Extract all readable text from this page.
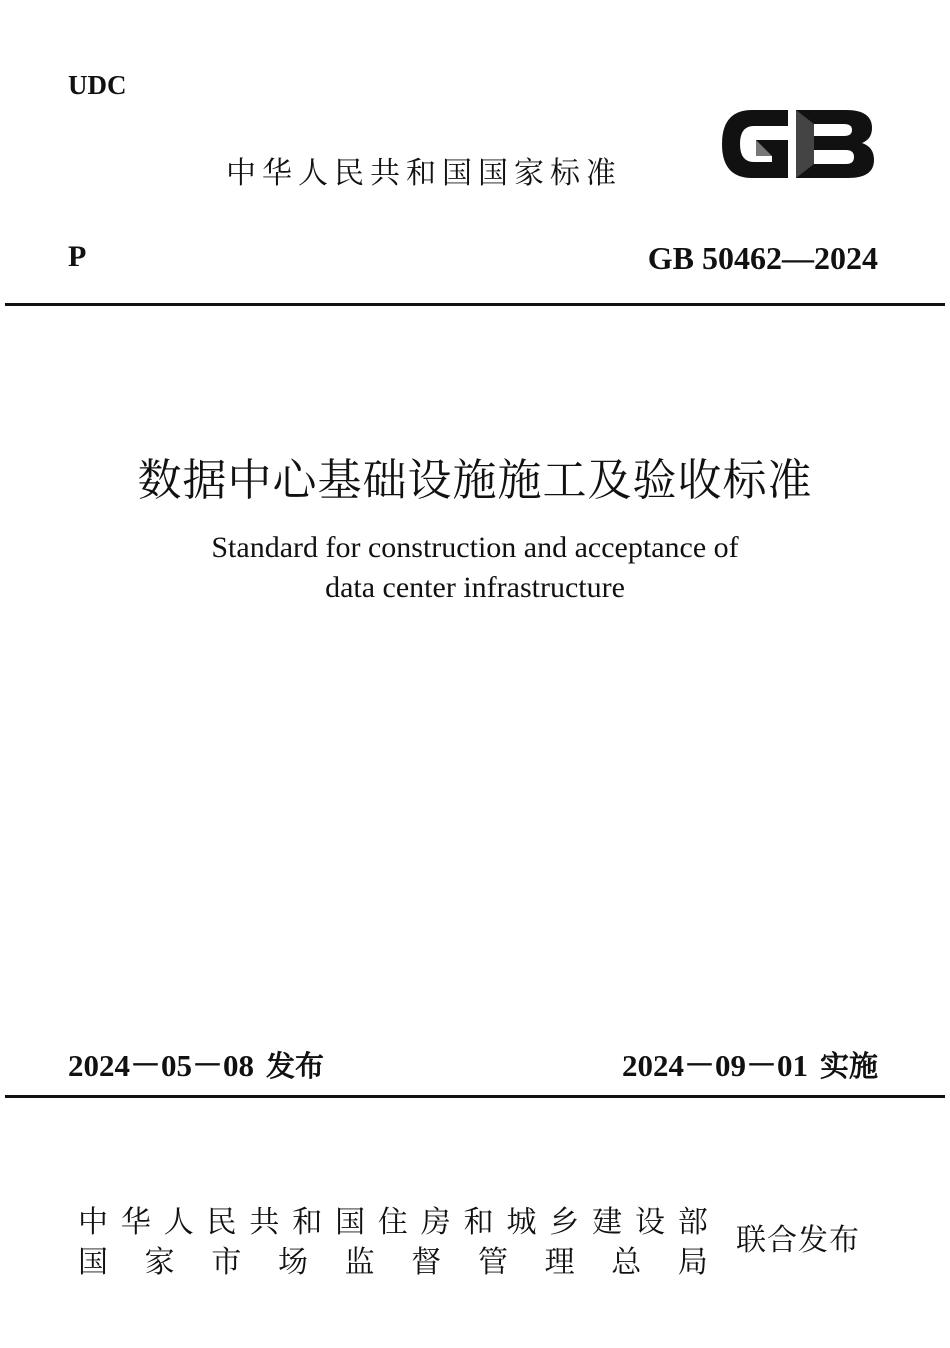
UDC
中华人民共和国国家标准
P	GB 50462—2024
数据中心基础设施施工及验收标准
Standard for construction and acceptance of
data center infrastructure
2024－05－08 发布	2024－09－01 实施
中 华 人 民 共 和 国 住 房 和 城 乡 建 设 部
国 家 市 场 监 督 管 理 总 局
联合发布
